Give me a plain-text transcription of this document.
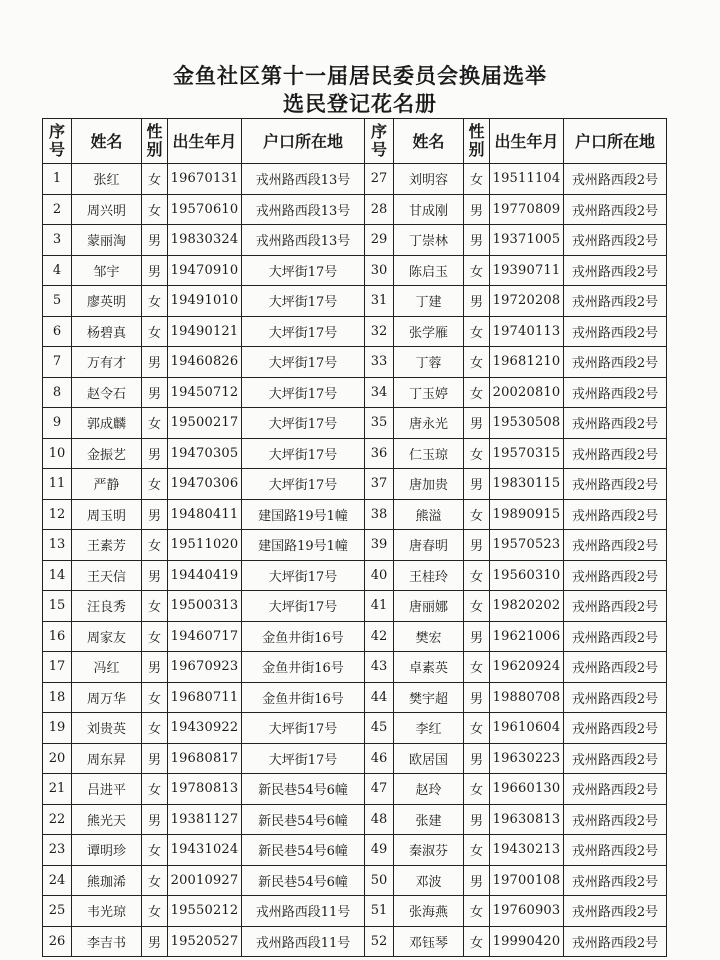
金鱼社区第十一届居民委员会换届选举
选民登记花名册
序号	姓名	性别	出生年月	户口所在地	序号	姓名	性别	出生年月	户口所在地
1	张红	女	19670131	戎州路西段13号	27	刘明容	女	19511104	戎州路西段2号
2	周兴明	女	19570610	戎州路西段13号	28	甘成刚	男	19770809	戎州路西段2号
3	蒙丽淘	男	19830324	戎州路西段13号	29	丁崇林	男	19371005	戎州路西段2号
4	邹宇	男	19470910	大坪街17号	30	陈启玉	女	19390711	戎州路西段2号
5	廖英明	女	19491010	大坪街17号	31	丁建	男	19720208	戎州路西段2号
6	杨碧真	女	19490121	大坪街17号	32	张学雁	女	19740113	戎州路西段2号
7	万有才	男	19460826	大坪街17号	33	丁蓉	女	19681210	戎州路西段2号
8	赵令石	男	19450712	大坪街17号	34	丁玉婷	女	20020810	戎州路西段2号
9	郭成麟	女	19500217	大坪街17号	35	唐永光	男	19530508	戎州路西段2号
10	金振艺	男	19470305	大坪街17号	36	仁玉琼	女	19570315	戎州路西段2号
11	严静	女	19470306	大坪街17号	37	唐加贵	男	19830115	戎州路西段2号
12	周玉明	男	19480411	建国路19号1幢	38	熊溢	女	19890915	戎州路西段2号
13	王素芳	女	19511020	建国路19号1幢	39	唐春明	男	19570523	戎州路西段2号
14	王天信	男	19440419	大坪街17号	40	王桂玲	女	19560310	戎州路西段2号
15	汪良秀	女	19500313	大坪街17号	41	唐丽娜	女	19820202	戎州路西段2号
16	周家友	女	19460717	金鱼井街16号	42	樊宏	男	19621006	戎州路西段2号
17	冯红	男	19670923	金鱼井街16号	43	卓素英	女	19620924	戎州路西段2号
18	周万华	女	19680711	金鱼井街16号	44	樊宇超	男	19880708	戎州路西段2号
19	刘贵英	女	19430922	大坪街17号	45	李红	女	19610604	戎州路西段2号
20	周东昇	男	19680817	大坪街17号	46	欧居国	男	19630223	戎州路西段2号
21	吕进平	女	19780813	新民巷54号6幢	47	赵玲	女	19660130	戎州路西段2号
22	熊光天	男	19381127	新民巷54号6幢	48	张建	男	19630813	戎州路西段2号
23	谭明珍	女	19431024	新民巷54号6幢	49	秦淑芬	女	19430213	戎州路西段2号
24	熊珈浠	女	20010927	新民巷54号6幢	50	邓波	男	19700108	戎州路西段2号
25	韦光琼	女	19550212	戎州路西段11号	51	张海燕	女	19760903	戎州路西段2号
26	李吉书	男	19520527	戎州路西段11号	52	邓钰琴	女	19990420	戎州路西段2号
